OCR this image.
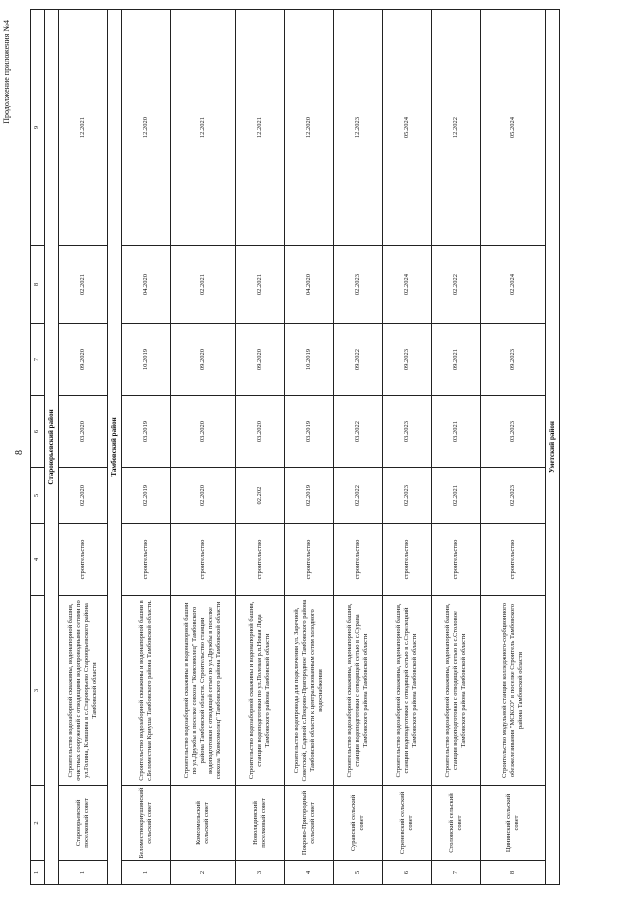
8
Продолжение приложения №4
1
2
3
4
5
6
7
8
9
Староюрьевский район
1
Староюрьевский поселковый совет
Строительство водозаборной скважины, водонапорной башни, очистных сооружений с отводящими водопроводными сетями по ул.Голина, Клишина в с.Староюрьево Староюрьевского района Тамбовской области
строительство
02.2020
03.2020
09.2020
02.2021
12.2021
Тамбовский район
1
Беломестнокриушинский сельский совет
Строительство водозаборной скважины и водонапорной башни в с.Беломестная Криуша Тамбовского района Тамбовской области.
строительство
02.2019
03.2019
10.2019
04.2020
12.2020
2
Комсомольский сельский совет
Строительство водозаборной скважины и водонапорной башни по ул.Дружбы в поселке совхоза "Комсомолец" Тамбовского района Тамбовской области. Строительство станции водоподготовки с отводящей сетью по ул.Дружбы в поселке совхоза "Комсомолец" Тамбовского района Тамбовской области
строительство
02.2020
03.2020
09.2020
02.2021
12.2021
3
Новолядинский поселковый совет
Строительство водозаборной скважины и водонапорной башни, станции водоподготовки по ул.Полевая р.п.Новая Ляда Тамбовского района Тамбовской области
строительство
02.202
03.2020
09.2020
02.2021
12.2021
4
Покрово-Пригородный сельский совет
Строительство водопровода для подключения ул. Заречной, Советской, Садовой с.Покрово-Пригородное Тамбовского района Тамбовской области к централизованным сетям холодного водоснабжения
строительство
02.2019
03.2019
10.2019
04.2020
12.2020
5
Суравский сельский совет
Строительство водозаборной скважины, водонапорной башни, станции водоподготовки с отводящей сетью в с.Сурава Тамбовского района Тамбовской области
строительство
02.2022
03.2022
09.2022
02.2023
12.2023
6
Стреневский сельский совет
Строительство водозаборной скважины, водонапорной башни, станции водоподготовки с отводящей сетью в с.Стрелецкий Тамбовского района Тамбовской области
строительство
02.2023
03.2023
09.2023
02.2024
05.2024
7
Столовский сельский совет
Строительство водозаборной скважины, водонапорной башни, станции водоподготовки с отводящей сетью в с.Столовое Тамбовского района Тамбовской области
строительство
02.2021
03.2021
09.2021
02.2022
12.2022
8
Цининский сельский совет
Строительство модульной станции колледжного-сорбционного обезжелезивания "МСКСО" в поселке Строитель Тамбовского района Тамбовской области
строительство
02.2023
03.2023
09.2023
02.2024
05.2024
Уметский район
